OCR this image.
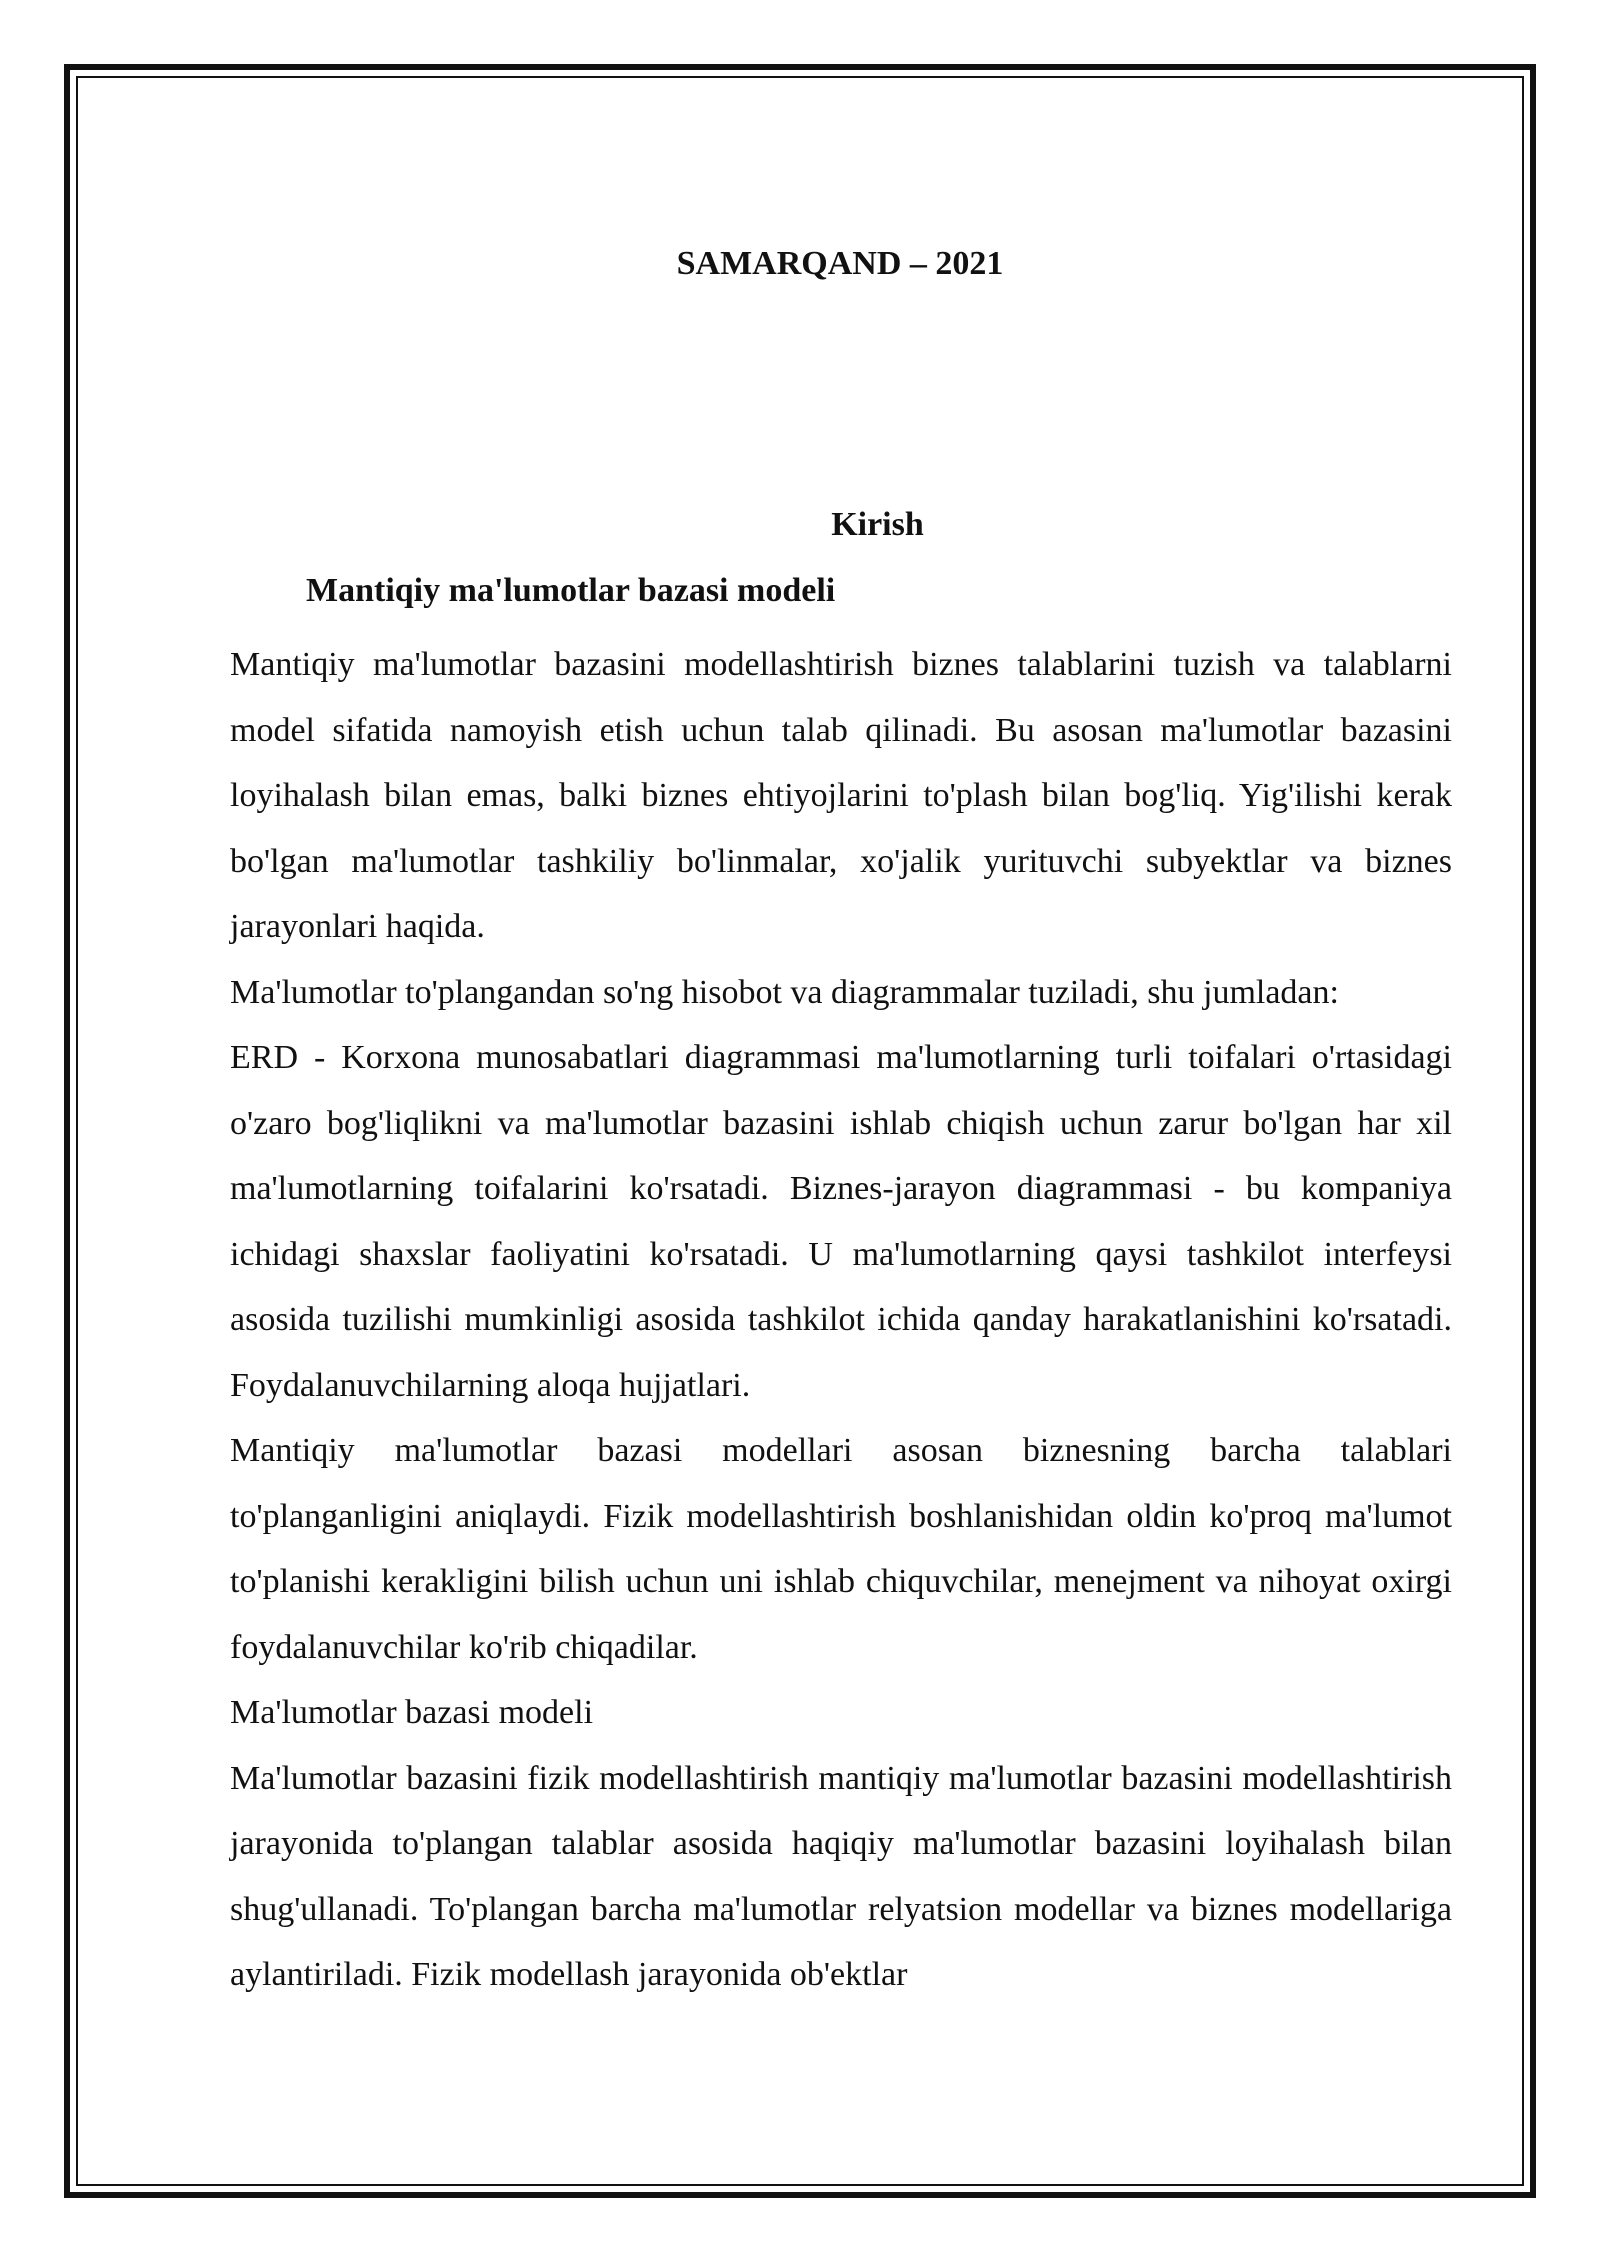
SAMARQAND – 2021
Kirish
Mantiqiy ma'lumotlar bazasi modeli

Mantiqiy ma'lumotlar bazasini modellashtirish biznes talablarini tuzish va talablarni model sifatida namoyish etish uchun talab qilinadi. Bu asosan ma'lumotlar bazasini loyihalash bilan emas, balki biznes ehtiyojlarini to'plash bilan bog'liq. Yig'ilishi kerak bo'lgan ma'lumotlar tashkiliy bo'linmalar, xo'jalik yurituvchi subyektlar va biznes jarayonlari haqida.

Ma'lumotlar to'plangandan so'ng hisobot va diagrammalar tuziladi, shu jumladan:

ERD - Korxona munosabatlari diagrammasi ma'lumotlarning turli toifalari o'rtasidagi o'zaro bog'liqlikni va ma'lumotlar bazasini ishlab chiqish uchun zarur bo'lgan har xil ma'lumotlarning toifalarini ko'rsatadi. Biznes-jarayon diagrammasi - bu kompaniya ichidagi shaxslar faoliyatini ko'rsatadi. U ma'lumotlarning qaysi tashkilot interfeysi asosida tuzilishi mumkinligi asosida tashkilot ichida qanday harakatlanishini ko'rsatadi. Foydalanuvchilarning aloqa hujjatlari.

Mantiqiy ma'lumotlar bazasi modellari asosan biznesning barcha talablari to'planganligini aniqlaydi. Fizik modellashtirish boshlanishidan oldin ko'proq ma'lumot to'planishi kerakligini bilish uchun uni ishlab chiquvchilar, menejment va nihoyat oxirgi foydalanuvchilar ko'rib chiqadilar.

Ma'lumotlar bazasi modeli

Ma'lumotlar bazasini fizik modellashtirish mantiqiy ma'lumotlar bazasini modellashtirish jarayonida to'plangan talablar asosida haqiqiy ma'lumotlar bazasini loyihalash bilan shug'ullanadi. To'plangan barcha ma'lumotlar relyatsion modellar va biznes modellariga aylantiriladi. Fizik modellash jarayonida ob'ektlar
